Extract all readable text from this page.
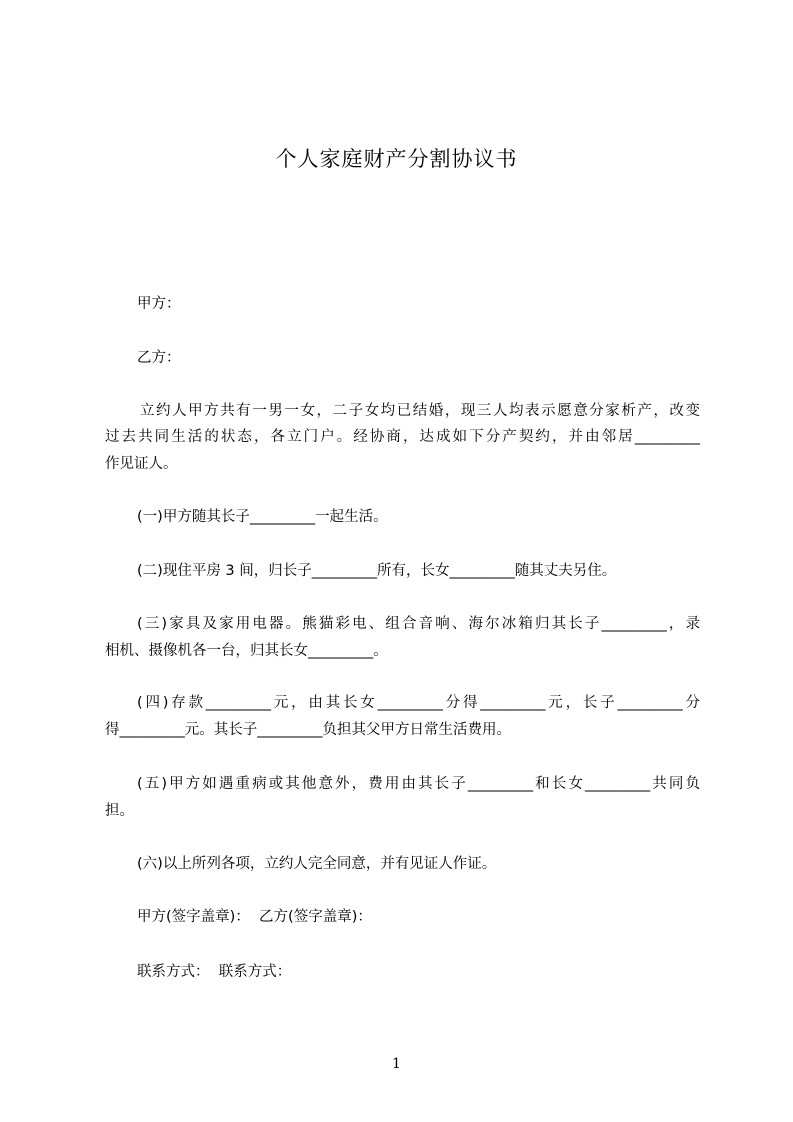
个人家庭财产分割协议书
甲方：
乙方：
立约人甲方共有一男一女，二子女均已结婚，现三人均表示愿意分家析产，改变
过去共同生活的状态，各立门户。经协商，达成如下分产契约，并由邻居_________
作见证人。
(一)甲方随其长子_________一起生活。
(二)现住平房 3 间，归长子_________所有，长女_________随其丈夫另住。
(三)家具及家用电器。熊猫彩电、组合音响、海尔冰箱归其长子_________，录
相机、摄像机各一台，归其长女_________。
(四)存款_________元，由其长女_________分得_________元，长子_________分
得_________元。其长子_________负担其父甲方日常生活费用。
(五)甲方如遇重病或其他意外，费用由其长子_________和长女_________共同负
担。
(六)以上所列各项，立约人完全同意，并有见证人作证。
甲方(签字盖章)：  乙方(签字盖章)：
联系方式：  联系方式：
1
